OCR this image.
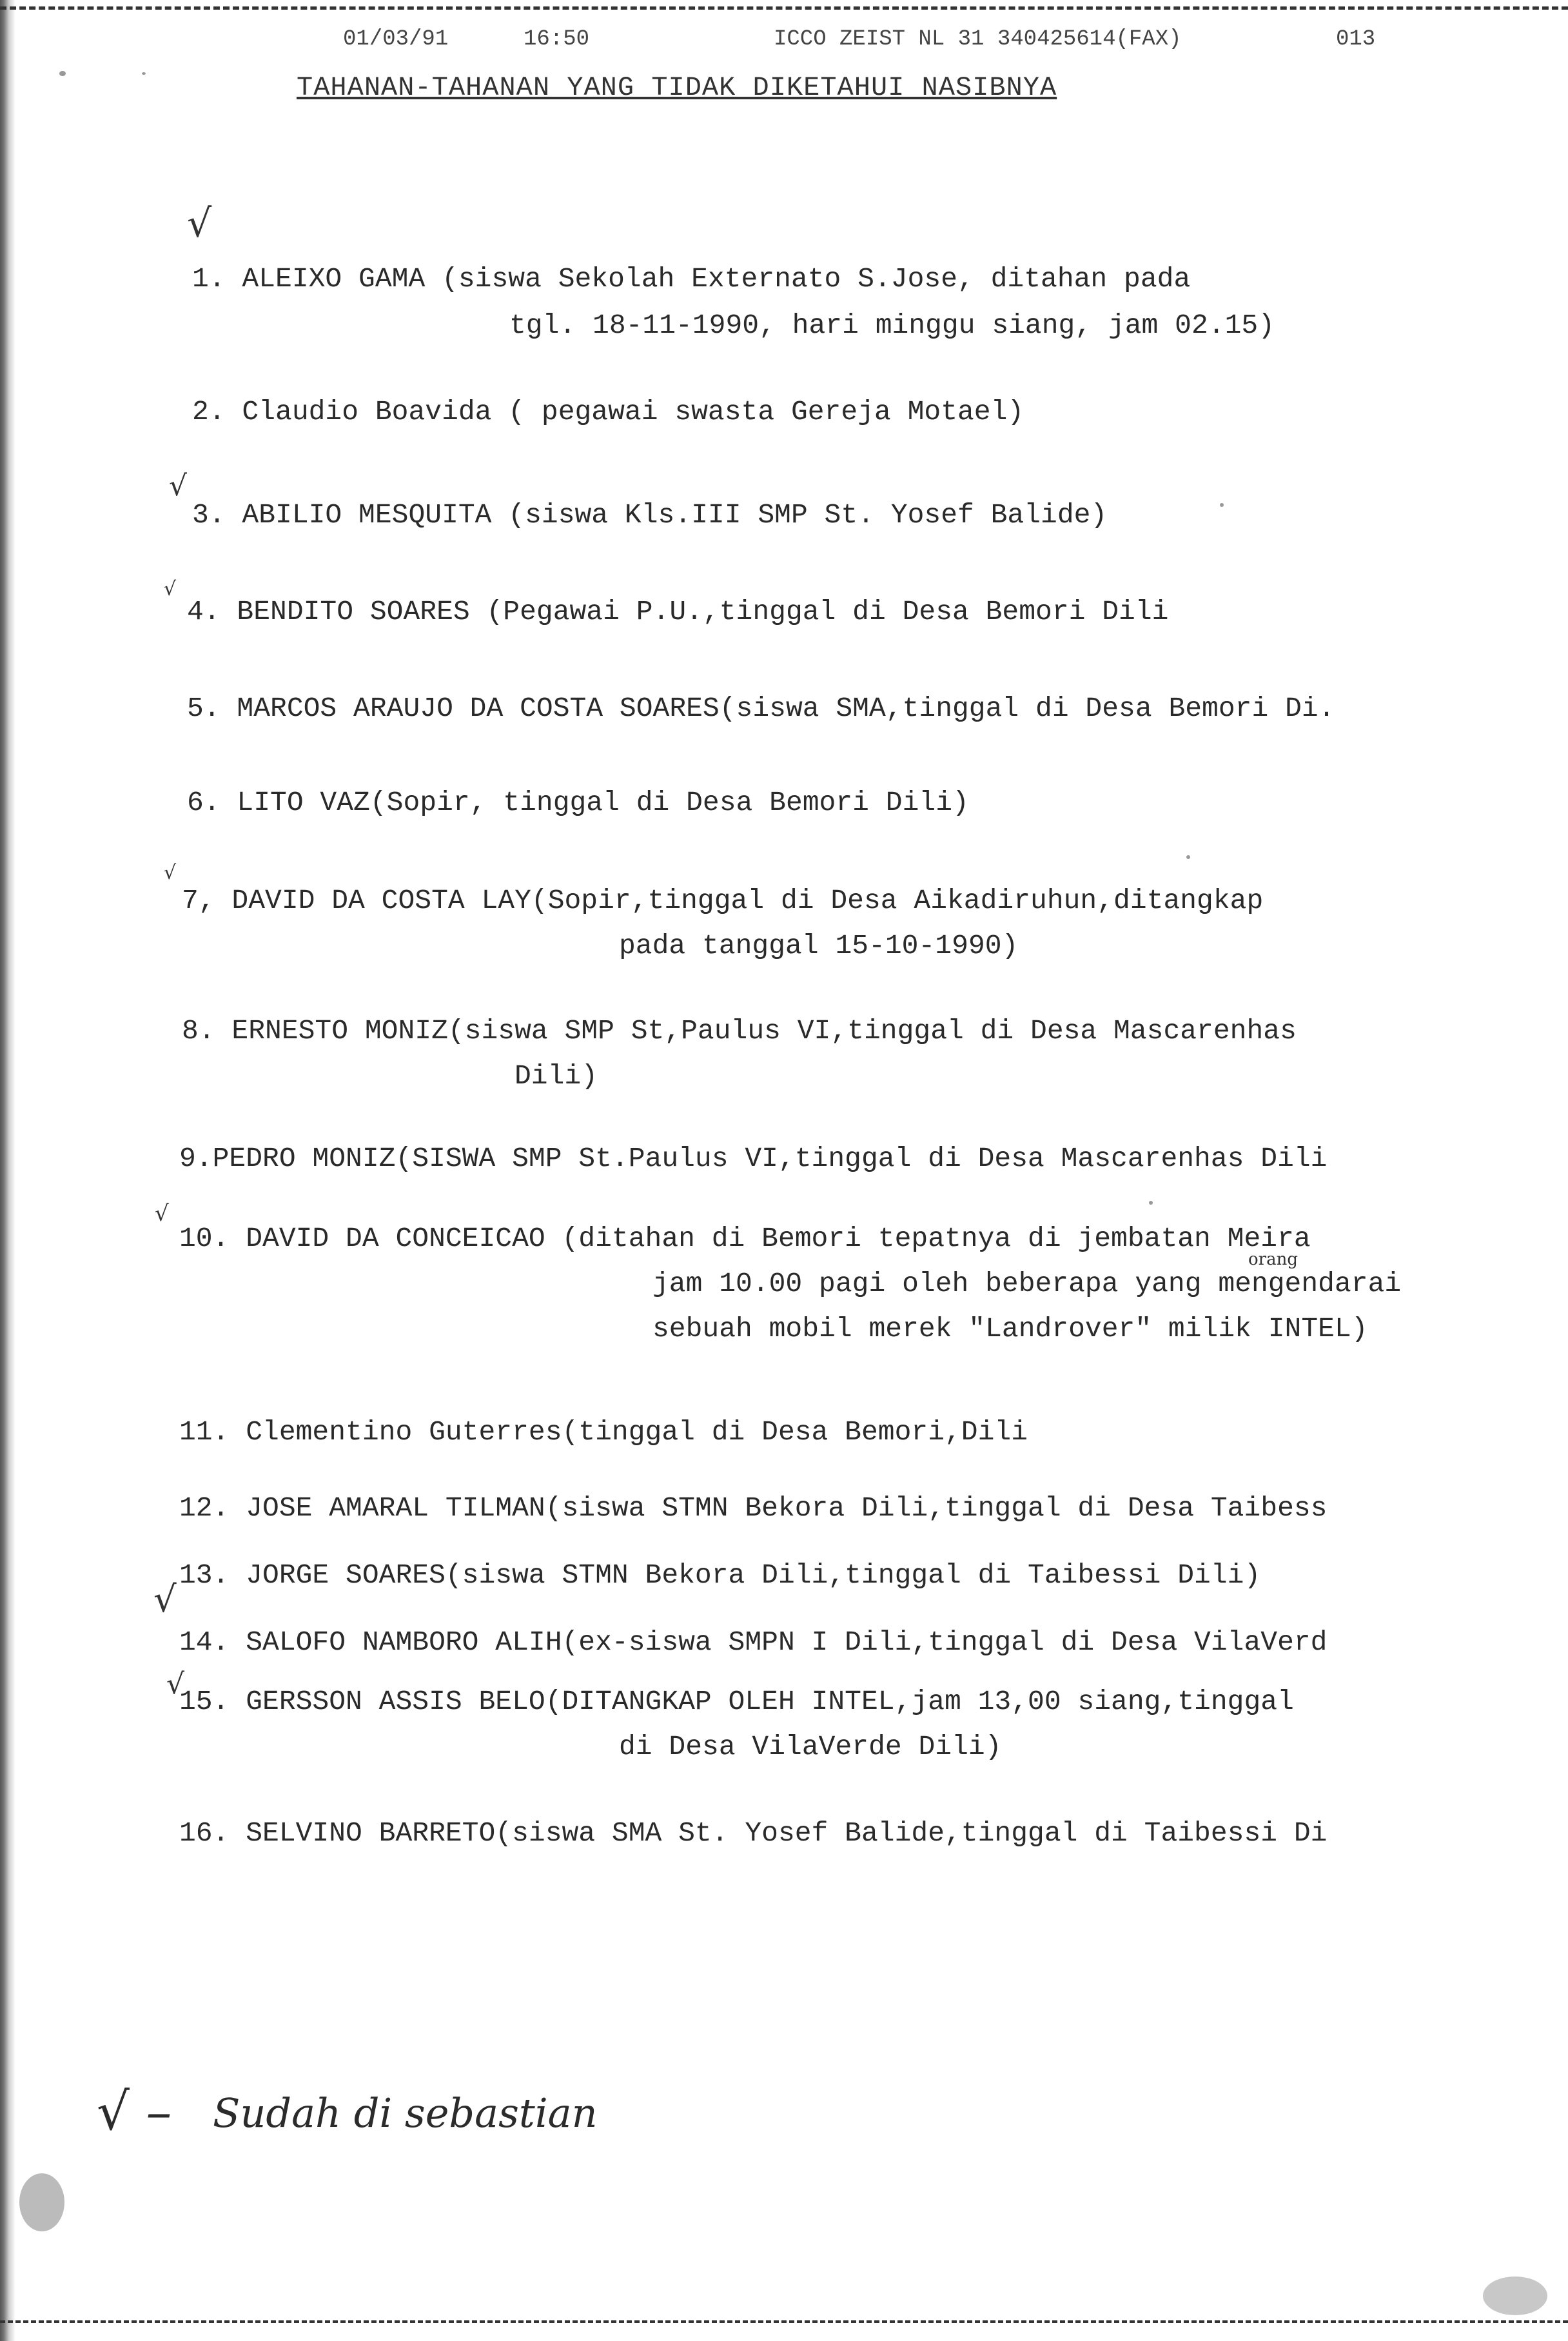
01/03/91

	16:50

	ICCO ZEIST NL 31 340425614(FAX)

	013

TAHANAN-TAHANAN YANG TIDAK DIKETAHUI NASIBNYA
√
√
√
√
√
√
√
1. ALEIXO GAMA (siswa Sekolah Externato S.Jose, ditahan pada
tgl. 18-11-1990, hari minggu siang, jam 02.15)
2. Claudio Boavida ( pegawai swasta Gereja Motael)
3. ABILIO MESQUITA (siswa Kls.III SMP St. Yosef Balide)
4. BENDITO SOARES (Pegawai P.U.,tinggal di Desa Bemori Dili
5. MARCOS ARAUJO DA COSTA SOARES(siswa SMA,tinggal di Desa Bemori Di.
6. LITO VAZ(Sopir, tinggal di Desa Bemori Dili)
7, DAVID DA COSTA LAY(Sopir,tinggal di Desa Aikadiruhun,ditangkap
pada tanggal 15-10-1990)
8. ERNESTO MONIZ(siswa SMP St,Paulus VI,tinggal di Desa Mascarenhas
Dili)
9.PEDRO MONIZ(SISWA SMP St.Paulus VI,tinggal di Desa Mascarenhas Dili
10. DAVID DA CONCEICAO (ditahan di Bemori tepatnya di jembatan Meira
jam 10.00 pagi oleh beberapa yang mengendarai
sebuah mobil merek "Landrover" milik INTEL)
orang
11. Clementino Guterres(tinggal di Desa Bemori,Dili
12. JOSE AMARAL TILMAN(siswa STMN Bekora Dili,tinggal di Desa Taibess
13. JORGE SOARES(siswa STMN Bekora Dili,tinggal di Taibessi Dili)
14. SALOFO NAMBORO ALIH(ex-siswa SMPN I Dili,tinggal di Desa VilaVerd
15. GERSSON ASSIS BELO(DITANGKAP OLEH INTEL,jam 13,00 siang,tinggal
di Desa VilaVerde Dili)
16. SELVINO BARRETO(siswa SMA St. Yosef Balide,tinggal di Taibessi Di
√ – Sudah di sebastian
